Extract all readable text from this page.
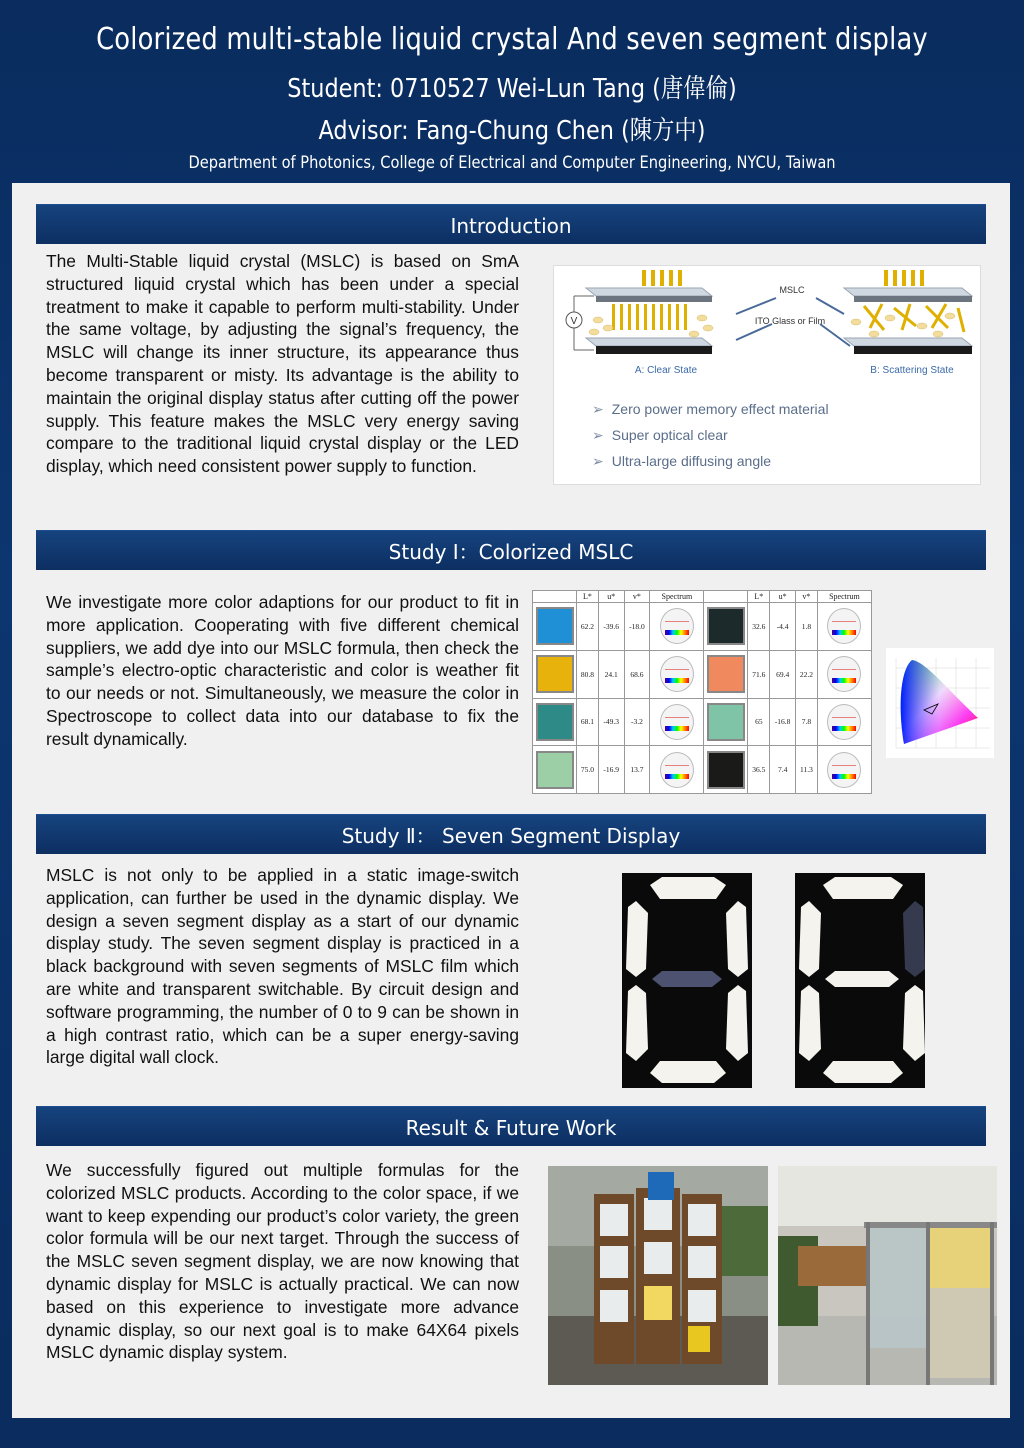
Colorized multi-stable liquid crystal And seven segment display
Student: 0710527 Wei-Lun Tang (唐偉倫)
Advisor: Fang-Chung Chen (陳方中)
Department of Photonics, College of Electrical and Computer Engineering, NYCU, Taiwan
Introduction
The Multi-Stable liquid crystal (MSLC) is based on SmA structured liquid crystal which has been under a special treatment to make it capable to perform multi-stability. Under the same voltage, by adjusting the signal’s frequency, the MSLC will change its inner structure, its appearance thus become transparent or misty. Its advantage is the ability to maintain the original display status after cutting off the power supply. This feature makes the MSLC very energy saving compare to the traditional liquid crystal display or the LED display, which need consistent power supply to function.
V
MSLC
ITO Glass or Film
A: Clear State	B: Scattering State
➢ Zero power memory effect material
➢ Super optical clear
➢ Ultra-large diffusing angle
Study Ⅰ：Colorized MSLC
We investigate more color adaptions for our product to fit in more application. Cooperating with five different chemical suppliers, we add dye into our MSLC formula, then check the sample’s electro-optic characteristic and color is weather fit to our needs or not. Simultaneously, we measure the color in Spectroscope to collect data into our database to fix the result dynamically.
	L*	u*	v*	Spectrum		L*	u*	v*	Spectrum

	62.2	-39.6	-18.0			32.6	-4.4	1.8	

	80.8	24.1	68.6			71.6	69.4	22.2	

	68.1	-49.3	-3.2			65	-16.8	7.8	

	75.0	-16.9	13.7			36.5	7.4	11.3	
Study Ⅱ： Seven Segment Display
MSLC is not only to be applied in a static image-switch application, can further be used in the dynamic display. We design a seven segment display as a start of our dynamic display study. The seven segment display is practiced in a black background with seven segments of MSLC film which are white and transparent switchable. By circuit design and software programming, the number of 0 to 9 can be shown in a high contrast ratio, which can be a super energy-saving large digital wall clock.
Result & Future Work
We successfully figured out multiple formulas for the colorized MSLC products. According to the color space, if we want to keep expending our product’s color variety, the green color formula will be our next target. Through the success of the MSLC seven segment display, we are now knowing that dynamic display for MSLC is actually practical. We can now based on this experience to investigate more advance dynamic display, so our next goal is to make 64X64 pixels MSLC dynamic display system.
